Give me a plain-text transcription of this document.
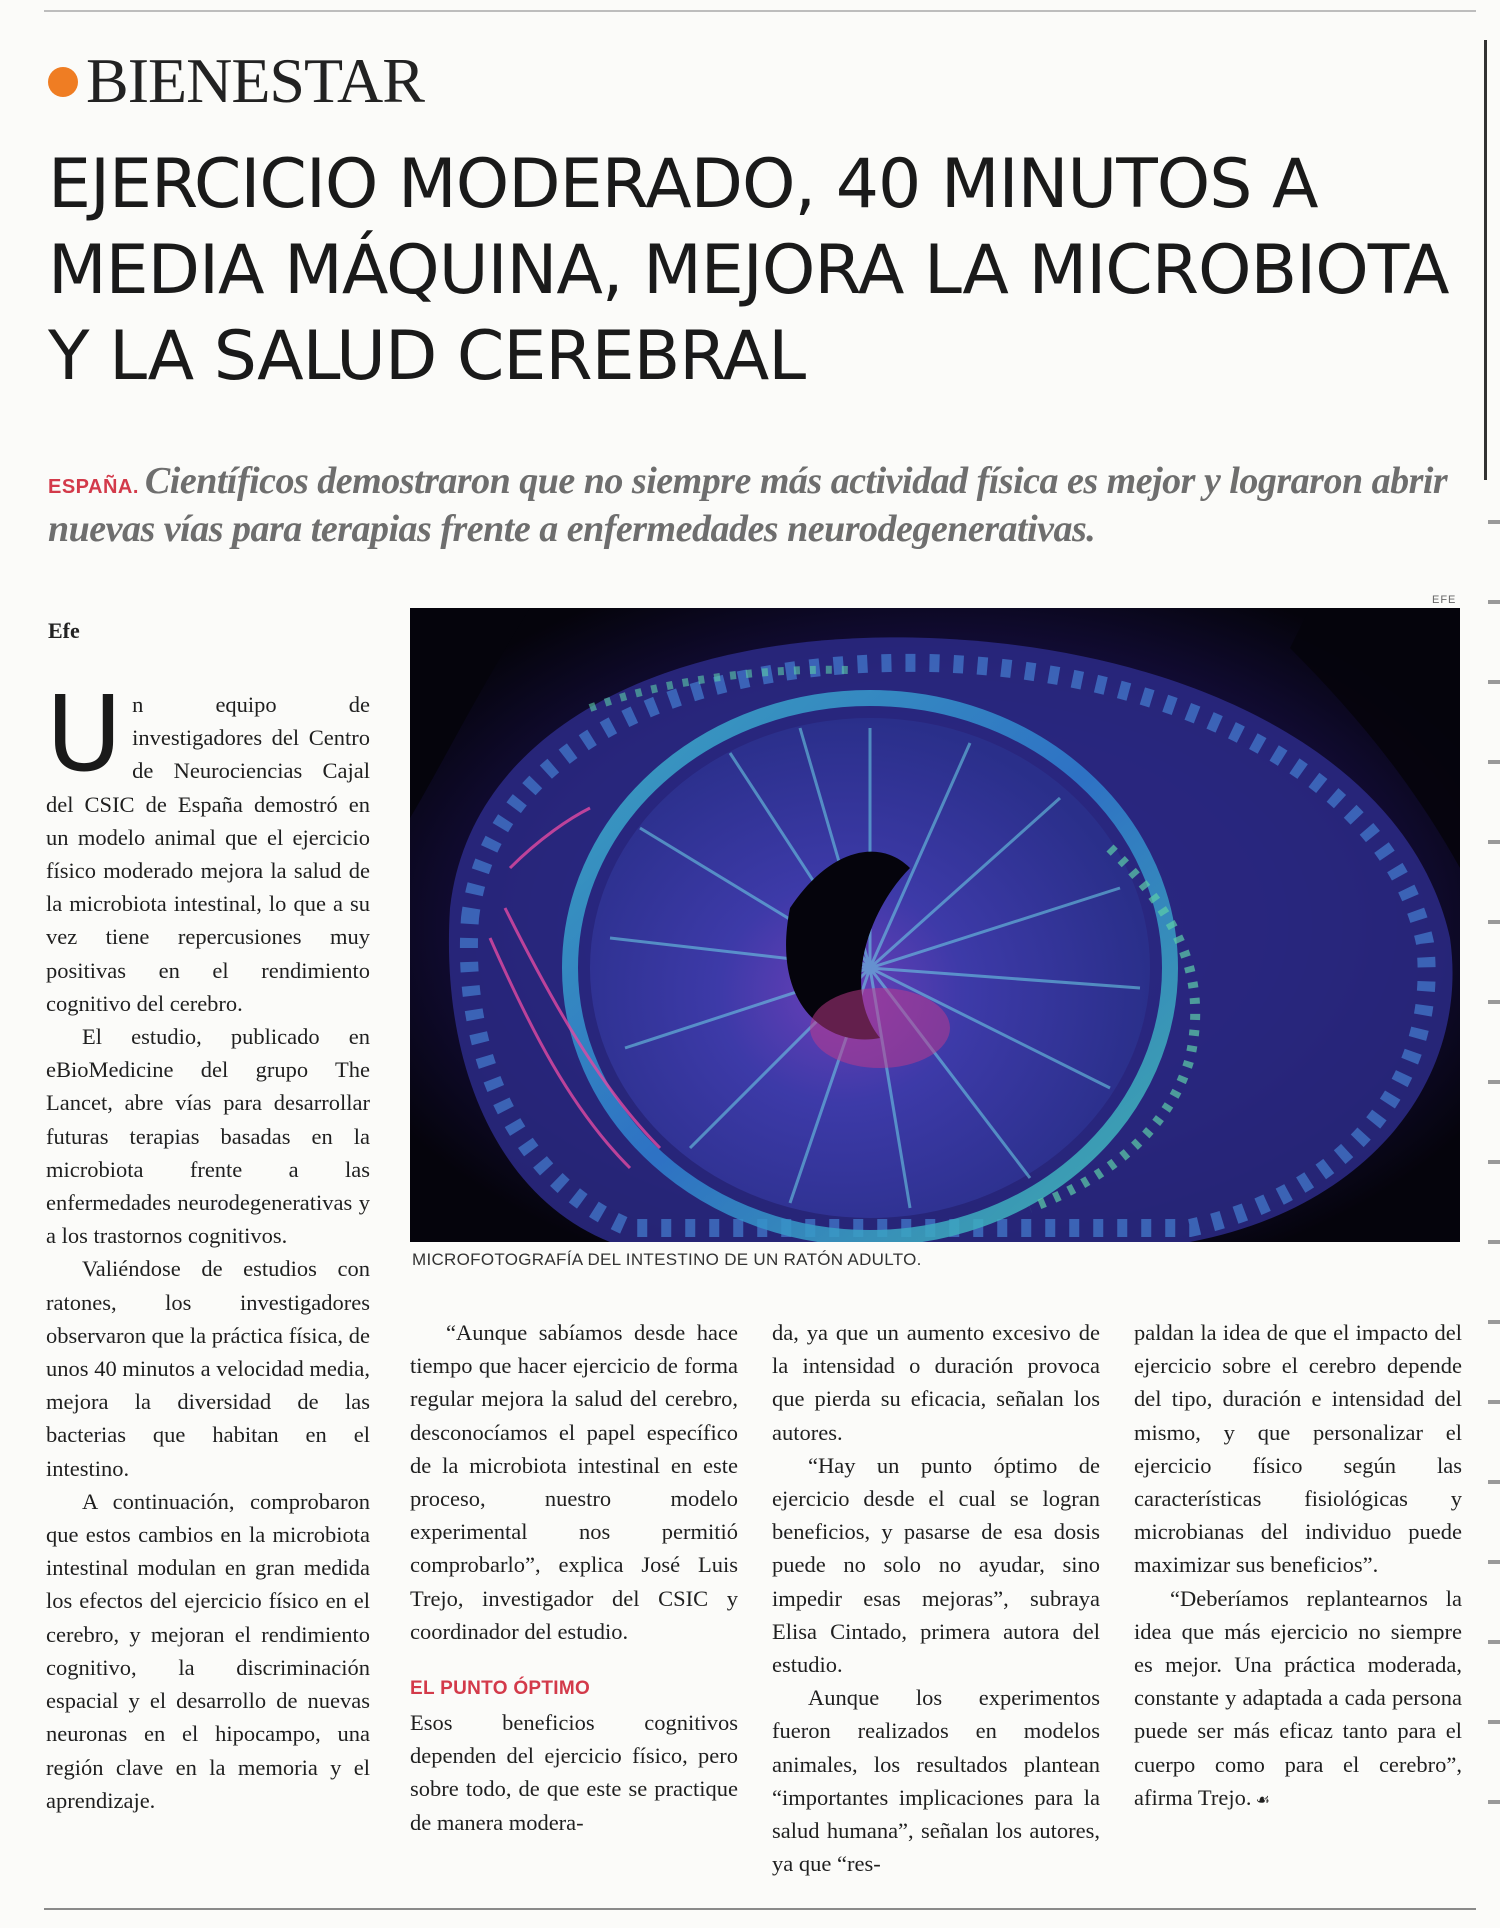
BIENESTAR
EJERCICIO MODERADO, 40 MINUTOS A MEDIA MÁQUINA, MEJORA LA MICROBIOTA Y LA SALUD CEREBRAL
ESPAÑA. Científicos demostraron que no siempre más actividad física es mejor y lograron abrir nuevas vías para terapias frente a enfermedades neurodegenerativas.
Efe
EFE
MICROFOTOGRAFÍA DEL INTESTINO DE UN RATÓN ADULTO.

Un equipo de investigadores del Centro de Neurociencias Cajal del CSIC de España demostró en un modelo animal que el ejercicio físico moderado mejora la salud de la microbiota intestinal, lo que a su vez tiene repercusiones muy positivas en el rendimiento cognitivo del cerebro.

El estudio, publicado en eBioMedicine del grupo The Lancet, abre vías para desarrollar futuras terapias basadas en la microbiota frente a las enfermedades neurodegenerativas y a los trastornos cognitivos.

Valiéndose de estudios con ratones, los investigadores observaron que la práctica física, de unos 40 minutos a velocidad media, mejora la diversidad de las bacterias que habitan en el intestino.

A continuación, comprobaron que estos cambios en la microbiota intestinal modulan en gran medida los efectos del ejercicio físico en el cerebro, y mejoran el rendimiento cognitivo, la discriminación espacial y el desarrollo de nuevas neuronas en el hipocampo, una región clave en la memoria y el aprendizaje.

“Aunque sabíamos desde hace tiempo que hacer ejercicio de forma regular mejora la salud del cerebro, desconocíamos el papel específico de la microbiota intestinal en este proceso, nuestro modelo experimental nos permitió comprobarlo”, explica José Luis Trejo, investigador del CSIC y coordinador del estudio.

EL PUNTO ÓPTIMO

Esos beneficios cognitivos dependen del ejercicio físico, pero sobre todo, de que este se practique de manera modera-

da, ya que un aumento excesivo de la intensidad o duración provoca que pierda su eficacia, señalan los autores.

“Hay un punto óptimo de ejercicio desde el cual se logran beneficios, y pasarse de esa dosis puede no solo no ayudar, sino impedir esas mejoras”, subraya Elisa Cintado, primera autora del estudio.

Aunque los experimentos fueron realizados en modelos animales, los resultados plantean “importantes implicaciones para la salud humana”, señalan los autores, ya que “res-

paldan la idea de que el impacto del ejercicio sobre el cerebro depende del tipo, duración e intensidad del mismo, y que personalizar el ejercicio físico según las características fisiológicas y microbianas del individuo puede maximizar sus beneficios”.

“Deberíamos replantearnos la idea que más ejercicio no siempre es mejor. Una práctica moderada, constante y adaptada a cada persona puede ser más eficaz tanto para el cuerpo como para el cerebro”, afirma Trejo. ☙
